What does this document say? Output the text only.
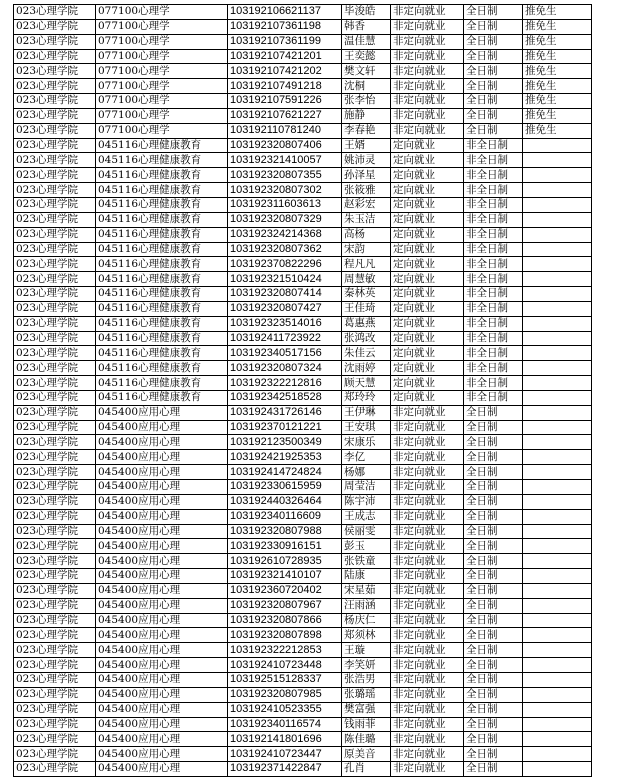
023心理学院	077100心理学	103192106621137	毕浚皓	非定向就业	全日制	推免生
023心理学院	077100心理学	103192107361198	韩香	非定向就业	全日制	推免生
023心理学院	077100心理学	103192107361199	温佳慧	非定向就业	全日制	推免生
023心理学院	077100心理学	103192107421201	王奕懿	非定向就业	全日制	推免生
023心理学院	077100心理学	103192107421202	樊文轩	非定向就业	全日制	推免生
023心理学院	077100心理学	103192107491218	沈桐	非定向就业	全日制	推免生
023心理学院	077100心理学	103192107591226	张李怡	非定向就业	全日制	推免生
023心理学院	077100心理学	103192107621227	施静	非定向就业	全日制	推免生
023心理学院	077100心理学	103192110781240	李春艳	非定向就业	全日制	推免生
023心理学院	045116心理健康教育	103192320807406	王婿	定向就业	非全日制	
023心理学院	045116心理健康教育	103192321410057	姚沛灵	定向就业	非全日制	
023心理学院	045116心理健康教育	103192320807355	孙泽星	定向就业	非全日制	
023心理学院	045116心理健康教育	103192320807302	张筱雅	定向就业	非全日制	
023心理学院	045116心理健康教育	103192311603613	赵彩宏	定向就业	非全日制	
023心理学院	045116心理健康教育	103192320807329	朱玉洁	定向就业	非全日制	
023心理学院	045116心理健康教育	103192324214368	高杨	定向就业	非全日制	
023心理学院	045116心理健康教育	103192320807362	宋韵	定向就业	非全日制	
023心理学院	045116心理健康教育	103192370822296	程凡凡	定向就业	非全日制	
023心理学院	045116心理健康教育	103192321510424	周慧敏	定向就业	非全日制	
023心理学院	045116心理健康教育	103192320807414	秦林英	定向就业	非全日制	
023心理学院	045116心理健康教育	103192320807427	王佳琦	定向就业	非全日制	
023心理学院	045116心理健康教育	103192323514016	葛惠燕	定向就业	非全日制	
023心理学院	045116心理健康教育	103192411723922	张鸿改	定向就业	非全日制	
023心理学院	045116心理健康教育	103192340517156	朱佳云	定向就业	非全日制	
023心理学院	045116心理健康教育	103192320807324	沈雨婷	定向就业	非全日制	
023心理学院	045116心理健康教育	103192322212816	顾天慧	定向就业	非全日制	
023心理学院	045116心理健康教育	103192342518528	郑玲玲	定向就业	非全日制	
023心理学院	045400应用心理	103192431726146	王伊琳	非定向就业	全日制	
023心理学院	045400应用心理	103192370121221	王安琪	非定向就业	全日制	
023心理学院	045400应用心理	103192123500349	宋康乐	非定向就业	全日制	
023心理学院	045400应用心理	103192421925353	李亿	非定向就业	全日制	
023心理学院	045400应用心理	103192414724824	杨娜	非定向就业	全日制	
023心理学院	045400应用心理	103192330615959	周莹洁	非定向就业	全日制	
023心理学院	045400应用心理	103192440326464	陈宇沛	非定向就业	全日制	
023心理学院	045400应用心理	103192340116609	王成志	非定向就业	全日制	
023心理学院	045400应用心理	103192320807988	侯丽雯	非定向就业	全日制	
023心理学院	045400应用心理	103192330916151	彭玉	非定向就业	全日制	
023心理学院	045400应用心理	103192610728935	张铁童	非定向就业	全日制	
023心理学院	045400应用心理	103192321410107	陆康	非定向就业	全日制	
023心理学院	045400应用心理	103192360720402	宋星茹	非定向就业	全日制	
023心理学院	045400应用心理	103192320807967	汪雨涵	非定向就业	全日制	
023心理学院	045400应用心理	103192320807866	杨庆仁	非定向就业	全日制	
023心理学院	045400应用心理	103192320807898	郑须林	非定向就业	全日制	
023心理学院	045400应用心理	103192322212853	王璇	非定向就业	全日制	
023心理学院	045400应用心理	103192410723448	李笑妍	非定向就业	全日制	
023心理学院	045400应用心理	103192515128337	张浩男	非定向就业	全日制	
023心理学院	045400应用心理	103192320807985	张璐瑶	非定向就业	全日制	
023心理学院	045400应用心理	103192410523355	樊富强	非定向就业	全日制	
023心理学院	045400应用心理	103192340116574	钱雨菲	非定向就业	全日制	
023心理学院	045400应用心理	103192141801696	陈佳璐	非定向就业	全日制	
023心理学院	045400应用心理	103192410723447	原美音	非定向就业	全日制	
023心理学院	045400应用心理	103192371422847	孔肖	非定向就业	全日制	
